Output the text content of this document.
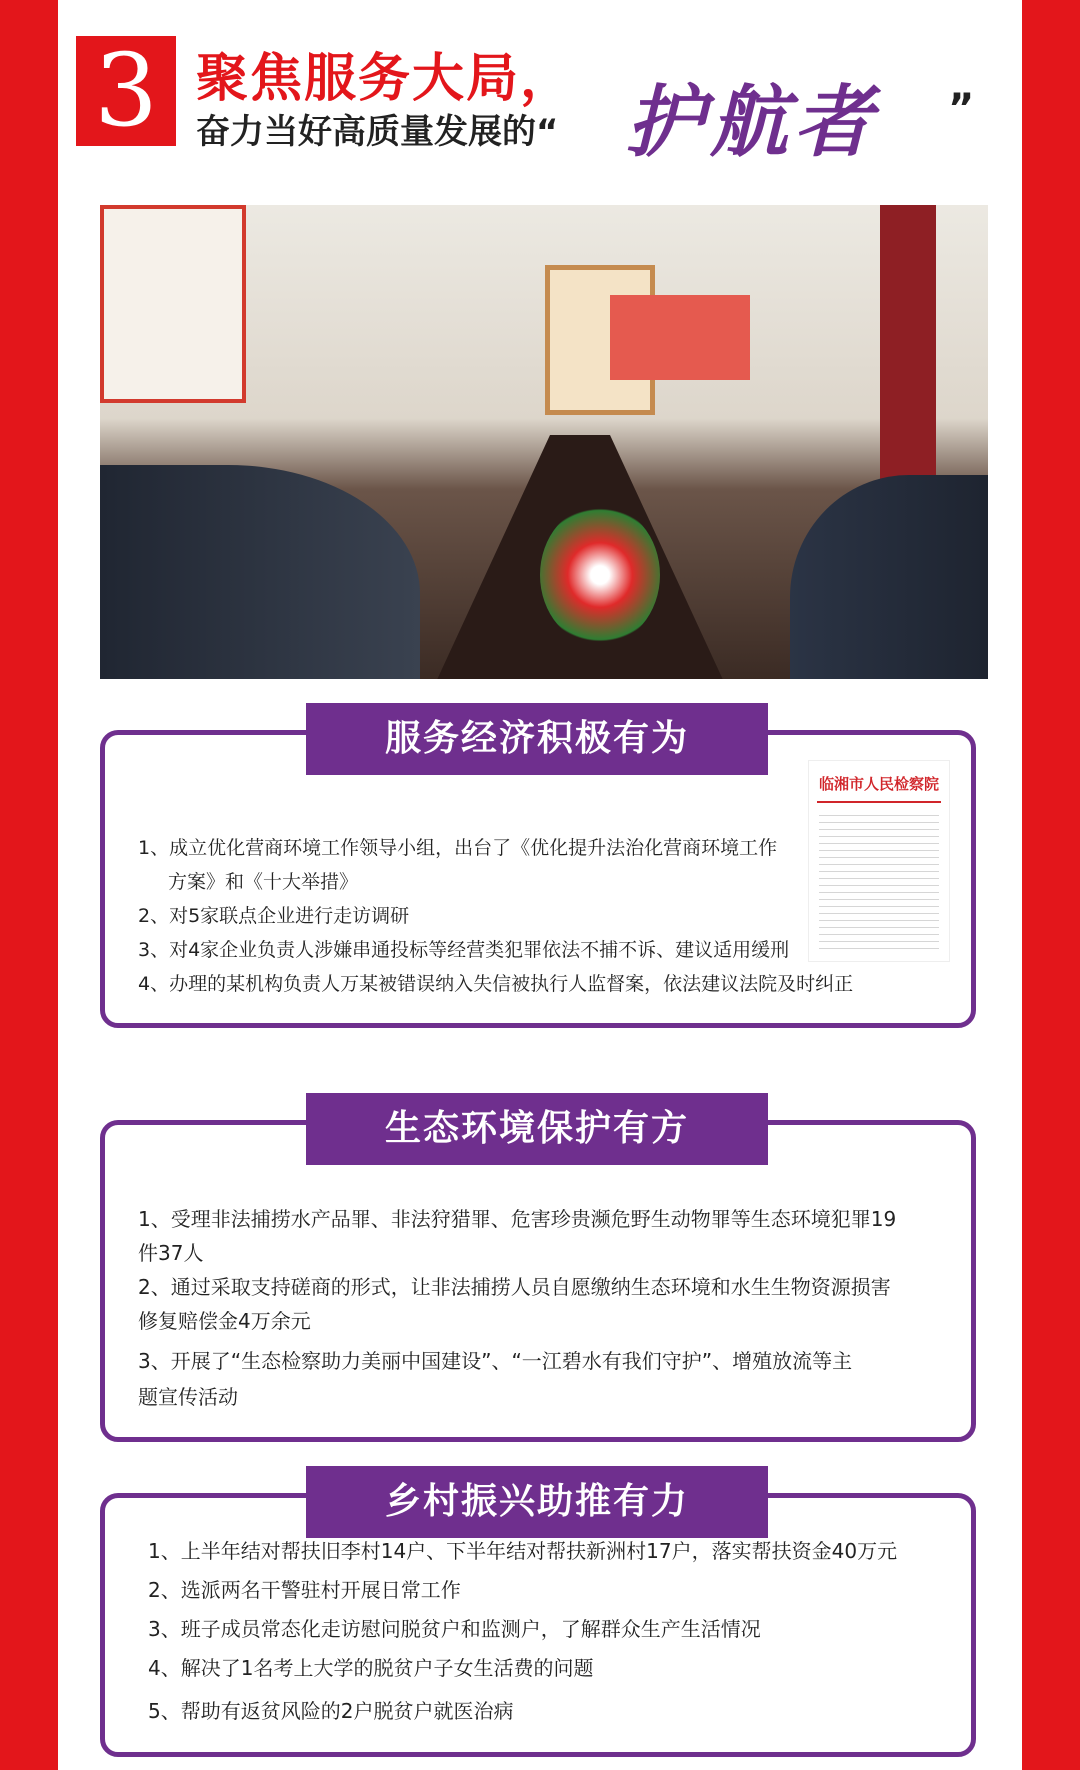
3 聚焦服务大局，
奋力当好高质量发展的“ 护航者 ”
服务经济积极有为
临湘市人民检察院
1、成立优化营商环境工作领导小组，出台了《优化提升法治化营商环境工作
方案》和《十大举措》
2、对5家联点企业进行走访调研
3、对4家企业负责人涉嫌串通投标等经营类犯罪依法不捕不诉、建议适用缓刑
4、办理的某机构负责人万某被错误纳入失信被执行人监督案，依法建议法院及时纠正
生态环境保护有方
1、受理非法捕捞水产品罪、非法狩猎罪、危害珍贵濒危野生动物罪等生态环境犯罪19
件37人
2、通过采取支持磋商的形式，让非法捕捞人员自愿缴纳生态环境和水生生物资源损害
修复赔偿金4万余元
3、开展了“生态检察助力美丽中国建设”、“一江碧水有我们守护”、增殖放流等主
题宣传活动
乡村振兴助推有力
1、上半年结对帮扶旧李村14户、下半年结对帮扶新洲村17户，落实帮扶资金40万元
2、选派两名干警驻村开展日常工作
3、班子成员常态化走访慰问脱贫户和监测户，了解群众生产生活情况
4、解决了1名考上大学的脱贫户子女生活费的问题
5、帮助有返贫风险的2户脱贫户就医治病
